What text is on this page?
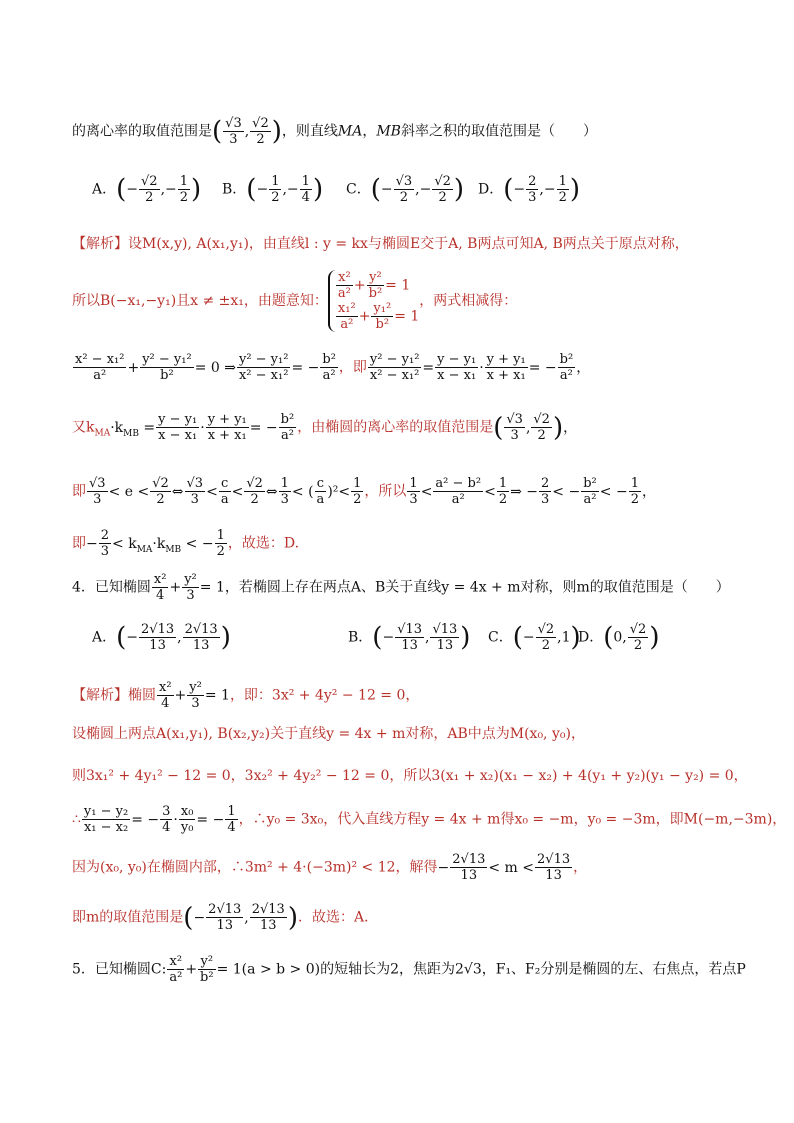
的离心率的取值范围是( $\frac{√3}{3}$ , $\frac{√2}{2}$ )，则直线MA，MB斜率之积的取值范围是（　　）
A．(− $\frac{√2}{2}$ ,− $\frac{1}{2}$ ) B．(− $\frac{1}{2}$ ,− $\frac{1}{4}$ ) C．(− $\frac{√3}{2}$ ,− $\frac{√2}{2}$ ) D．(− $\frac{2}{3}$ ,− $\frac{1}{2}$ )
【解析】设M(x,y), A(x₁,y₁)，由直线l : y = kx与椭圆E交于A, B两点可知A, B两点关于原点对称，
所以B(−x₁,−y₁)且x ≠ ±x₁，由题意知： $\frac{\text{x²}}{\text{a²}} + \frac{\text{y²}}{\text{b²}} = 1$
$\frac{\text{x₁²}}{\text{a²}} + \frac{\text{y₁²}}{\text{b²}} = 1$
，两式相减得：
$\frac{\text{x² − x₁²}}{\text{a²}} + \frac{\text{y² − y₁²}}{\text{b²}} = 0$ ⇒ $\frac{\text{y² − y₁²}}{\text{x² − x₁²}}$ = − $\frac{\text{b²}}{\text{a²}}$ ，即 $\frac{\text{y² − y₁²}}{\text{x² − x₁²}} = \frac{\text{y − y₁}}{\text{x − x₁}} \cdot \frac{\text{y + y₁}}{\text{x + x₁}}$ = − $\frac{\text{b²}}{\text{a²}}$ ，
又$k_{MA}\cdot k_{MB} = \frac{\text{y − y₁}}{\text{x − x₁}} \cdot \frac{\text{y + y₁}}{\text{x + x₁}}$ = − $\frac{\text{b²}}{\text{a²}}$ ，由椭圆的离心率的取值范围是( $\frac{√3}{3}$ , $\frac{√2}{2}$ )，
即 $\frac{√3}{3} < e < \frac{√2}{2}$ ⇔ $\frac{√3}{3} < \frac{c}{a} < \frac{√2}{2}$ ⇔ $\frac{1}{3}$ < ( $\frac{c}{a} )^2< \frac{1}{2}$ ，所以 $\frac{1}{3} < \frac{\text{a² − b²}}{\text{a²}} < \frac{1}{2}$ ⇒ − $\frac{2}{3}$ < − $\frac{\text{b²}}{\text{a²}}$ < − $\frac{1}{2}$ ，
即− $\frac{2}{3} < k_{MA}\cdot k_{MB}$ < − $\frac{1}{2}$ ，故选：D.
4．已知椭圆 $\frac{\text{x²}}{4} + \frac{\text{y²}}{3} = 1$，若椭圆上存在两点A、B关于直线y = 4x + m对称，则m的取值范围是（　　）
A．(− $\frac{2√13}{13}$ , $\frac{2√13}{13}$ )	B．(− $\frac{√13}{13}$ , $\frac{√13}{13}$ ) C．(− $\frac{√2}{2} ,1$)
D．(0, $\frac{√2}{2}$ )
【解析】椭圆 $\frac{\text{x²}}{4} + \frac{\text{y²}}{3} = 1$，即：3x² + 4y² − 12 = 0，
设椭圆上两点A(x₁,y₁), B(x₂,y₂)关于直线y = 4x + m对称，AB中点为M(x₀, y₀)，
则3x₁² + 4y₁² − 12 = 0，3x₂² + 4y₂² − 12 = 0，所以3(x₁ + x₂)(x₁ − x₂) + 4(y₁ + y₂)(y₁ − y₂) = 0，
∴ $\frac{\text{y₁ − y₂}}{\text{x₁ − x₂}}$ = − $\frac{3}{4} \cdot \frac{\text{x₀}}{\text{y₀}}$ = − $\frac{1}{4}$ ，∴y₀ = 3x₀，代入直线方程y = 4x + m得x₀ = −m，y₀ = −3m，即M(−m,−3m)，
因为(x₀, y₀)在椭圆内部，∴3m² + 4·(−3m)² < 12，解得− $\frac{2√13}{13} < m < \frac{2√13}{13}$ ，
即m的取值范围是(− $\frac{2√13}{13}$ , $\frac{2√13}{13}$ )．故选：A．
5．已知椭圆C: $\frac{\text{x²}}{\text{a²}} + \frac{\text{y²}}{\text{b²}} = 1(a > b > 0)$的短轴长为2，焦距为2√3，F₁、F₂分别是椭圆的左、右焦点，若点P
